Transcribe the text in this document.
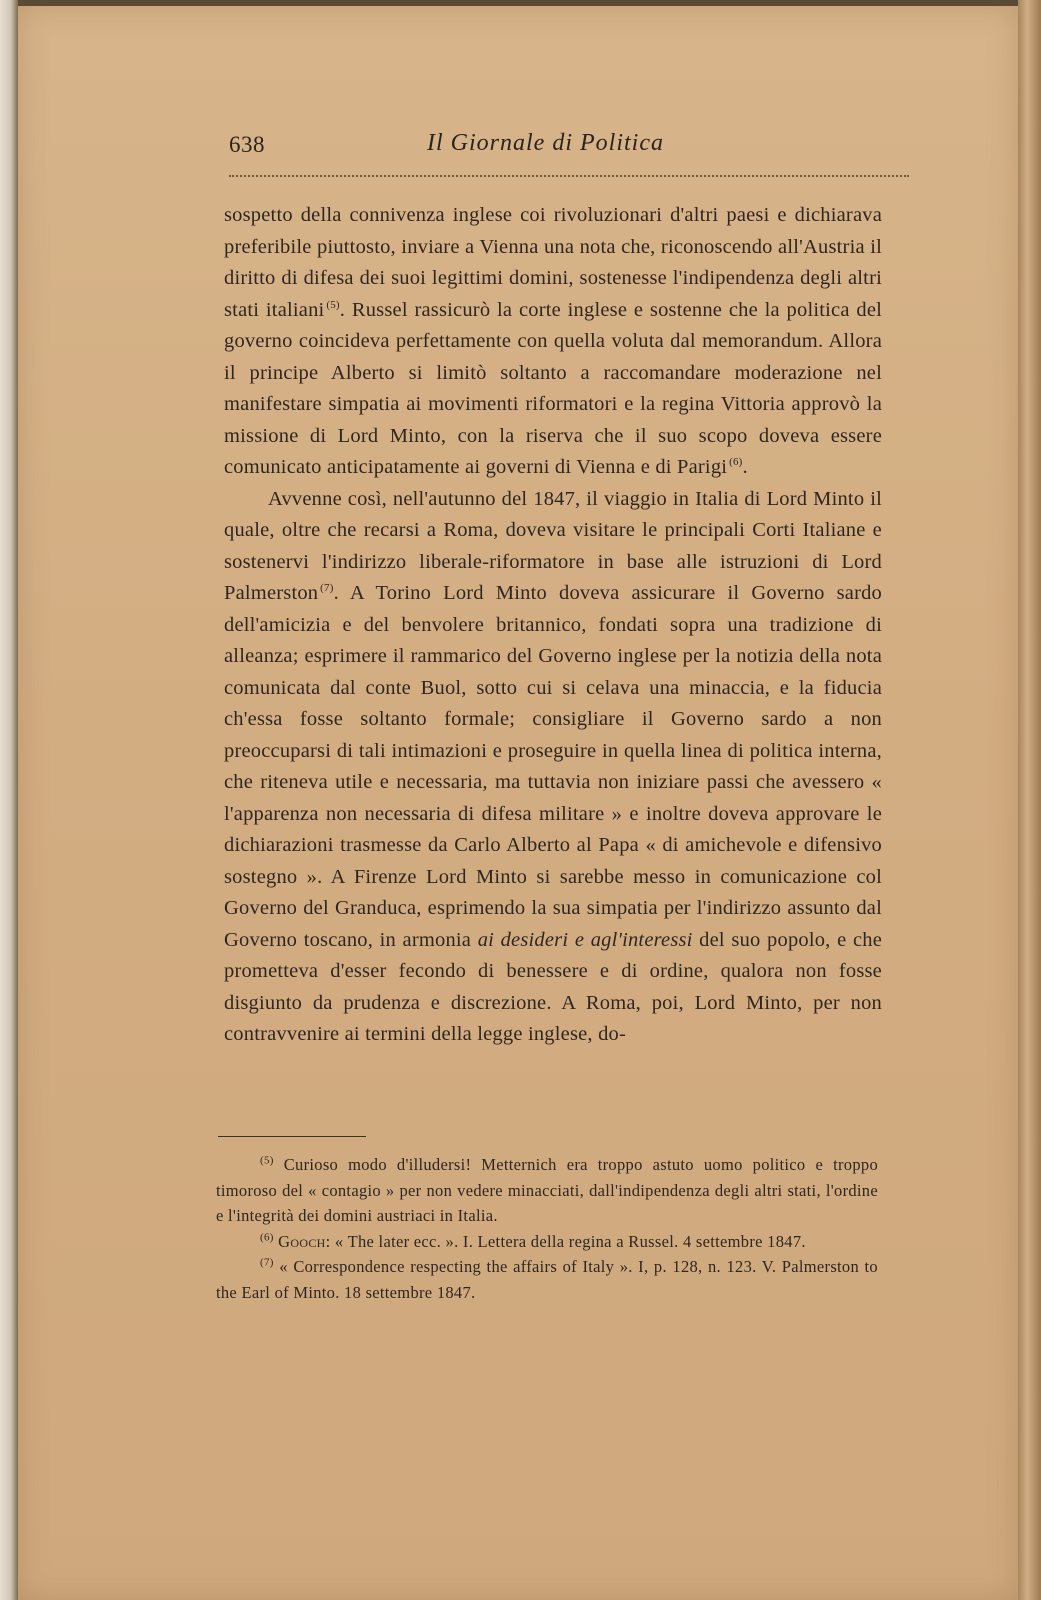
638	Il Giornale di Politica

sospetto della connivenza inglese coi rivoluzionari d'altri paesi e dichiarava preferibile piuttosto, inviare a Vienna una nota che, riconoscendo all'Austria il diritto di difesa dei suoi legittimi domini, sostenesse l'indipendenza degli altri stati italiani  $^{(5)}$. Russel rassicurò la corte inglese e sostenne che la politica del governo coincideva perfettamente con quella voluta dal memorandum. Allora il principe Alberto si limitò soltanto a raccomandare moderazione nel manifestare simpatia ai movimenti riformatori e la regina Vittoria approvò la missione di Lord Minto, con la riserva che il suo scopo doveva essere comunicato anticipatamente ai governi di Vienna e di Parigi  $^{(6)}$.

Avvenne così, nell'autunno del 1847, il viaggio in Italia di Lord Minto il quale, oltre che recarsi a Roma, doveva visitare le principali Corti Italiane e sostenervi l'indirizzo liberale-riformatore in base alle istruzioni di Lord Palmerston  $^{(7)}$. A Torino Lord Minto doveva assicurare il Governo sardo dell'amicizia e del benvolere britannico, fondati sopra una tradizione di alleanza; esprimere il rammarico del Governo inglese per la notizia della nota comunicata dal conte Buol, sotto cui si celava una minaccia, e la fiducia ch'essa fosse soltanto formale; consigliare il Governo sardo a non preoccuparsi di tali intimazioni e proseguire in quella linea di politica interna, che riteneva utile e necessaria, ma tuttavia non iniziare passi che avessero « l'apparenza non necessaria di difesa militare » e inoltre doveva approvare le dichiarazioni trasmesse da Carlo Alberto al Papa « di amichevole e difensivo sostegno ». A Firenze Lord Minto si sarebbe messo in comunicazione col Governo del Granduca, esprimendo la sua simpatia per l'indirizzo assunto dal Governo toscano, in armonia ai desideri e agl'interessi del suo popolo, e che prometteva d'esser fecondo di benessere e di ordine, qualora non fosse disgiunto da prudenza e discrezione. A Roma, poi, Lord Minto, per non contravvenire ai termini della legge inglese, do-

$^{(5)}$ Curioso modo d'illudersi! Metternich era troppo astuto uomo politico e troppo timoroso del « contagio » per non vedere minacciati, dall'indipendenza degli altri stati, l'ordine e l'integrità dei domini austriaci in Italia.

$^{(6)}$ Gooch: « The later ecc. ». I. Lettera della regina a Russel. 4 settembre 1847.

$^{(7)}$ « Correspondence respecting the affairs of Italy ». I, p. 128, n. 123. V. Palmerston to the Earl of Minto. 18 settembre 1847.
